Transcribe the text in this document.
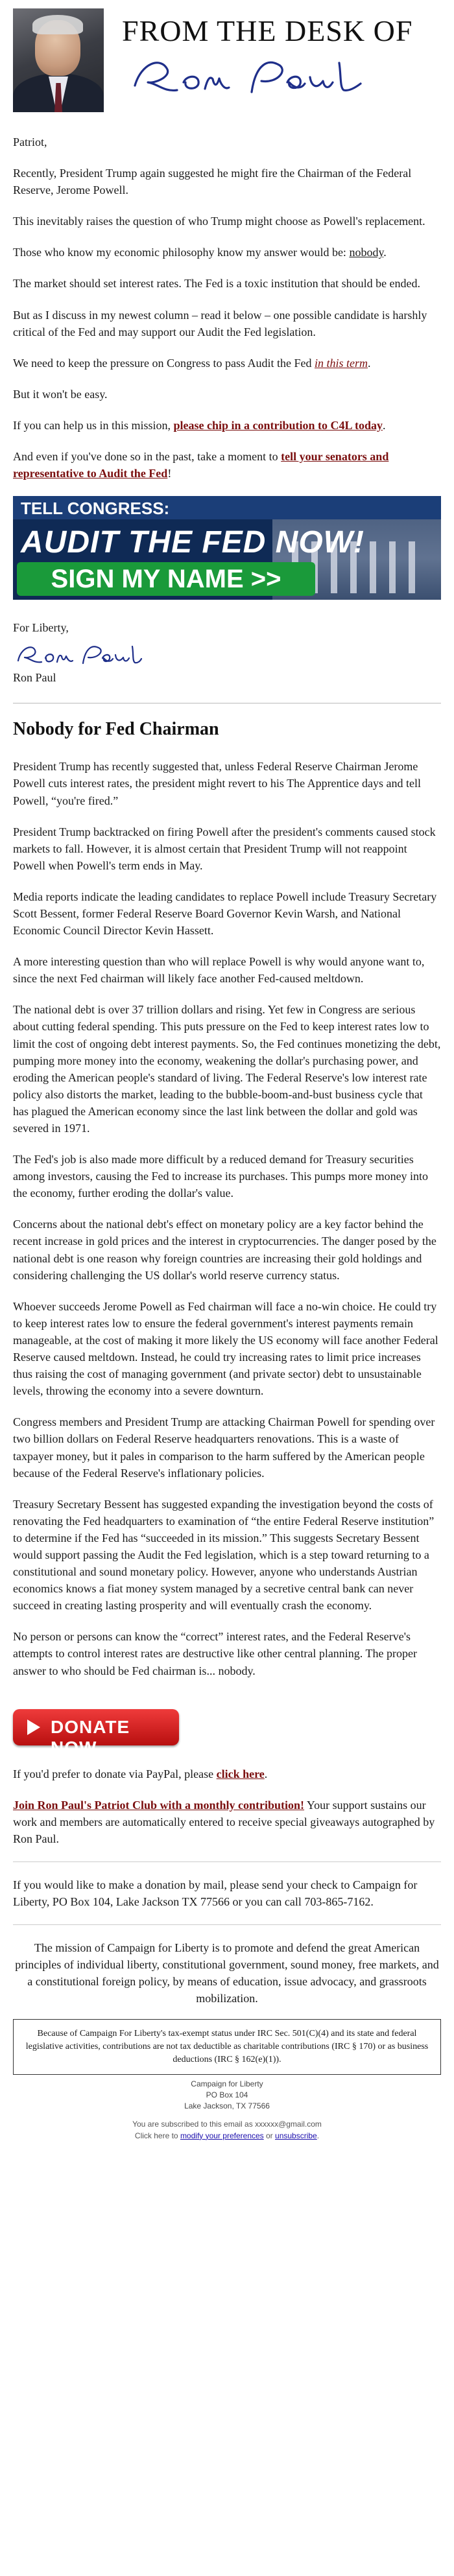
FROM THE DESK OF

Patriot,

Recently, President Trump again suggested he might fire the Chairman of the Federal Reserve, Jerome Powell.

This inevitably raises the question of who Trump might choose as Powell's replacement.

Those who know my economic philosophy know my answer would be: nobody.

The market should set interest rates. The Fed is a toxic institution that should be ended.

But as I discuss in my newest column – read it below – one possible candidate is harshly critical of the Fed and may support our Audit the Fed legislation.

We need to keep the pressure on Congress to pass Audit the Fed in this term.

But it won't be easy.

If you can help us in this mission, please chip in a contribution to C4L today.

And even if you've done so in the past, take a moment to tell your senators and representative to Audit the Fed!

TELL CONGRESS:
AUDIT THE FED NOW!
SIGN MY NAME >>
For Liberty,
Ron Paul
Nobody for Fed Chairman

President Trump has recently suggested that, unless Federal Reserve Chairman Jerome Powell cuts interest rates, the president might revert to his The Apprentice days and tell Powell, “you're fired.”

President Trump backtracked on firing Powell after the president's comments caused stock markets to fall. However, it is almost certain that President Trump will not reappoint Powell when Powell's term ends in May.

Media reports indicate the leading candidates to replace Powell include Treasury Secretary Scott Bessent, former Federal Reserve Board Governor Kevin Warsh, and National Economic Council Director Kevin Hassett.

A more interesting question than who will replace Powell is why would anyone want to, since the next Fed chairman will likely face another Fed-caused meltdown.

The national debt is over 37 trillion dollars and rising. Yet few in Congress are serious about cutting federal spending. This puts pressure on the Fed to keep interest rates low to limit the cost of ongoing debt interest payments. So, the Fed continues monetizing the debt, pumping more money into the economy, weakening the dollar's purchasing power, and eroding the American people's standard of living. The Federal Reserve's low interest rate policy also distorts the market, leading to the bubble-boom-and-bust business cycle that has plagued the American economy since the last link between the dollar and gold was severed in 1971.

The Fed's job is also made more difficult by a reduced demand for Treasury securities among investors, causing the Fed to increase its purchases. This pumps more money into the economy, further eroding the dollar's value.

Concerns about the national debt's effect on monetary policy are a key factor behind the recent increase in gold prices and the interest in cryptocurrencies. The danger posed by the national debt is one reason why foreign countries are increasing their gold holdings and considering challenging the US dollar's world reserve currency status.

Whoever succeeds Jerome Powell as Fed chairman will face a no-win choice. He could try to keep interest rates low to ensure the federal government's interest payments remain manageable, at the cost of making it more likely the US economy will face another Federal Reserve caused meltdown. Instead, he could try increasing rates to limit price increases thus raising the cost of managing government (and private sector) debt to unsustainable levels, throwing the economy into a severe downturn.

Congress members and President Trump are attacking Chairman Powell for spending over two billion dollars on Federal Reserve headquarters renovations. This is a waste of taxpayer money, but it pales in comparison to the harm suffered by the American people because of the Federal Reserve's inflationary policies.

Treasury Secretary Bessent has suggested expanding the investigation beyond the costs of renovating the Fed headquarters to examination of “the entire Federal Reserve institution” to determine if the Fed has “succeeded in its mission.” This suggests Secretary Bessent would support passing the Audit the Fed legislation, which is a step toward returning to a constitutional and sound monetary policy. However, anyone who understands Austrian economics knows a fiat money system managed by a secretive central bank can never succeed in creating lasting prosperity and will eventually crash the economy.

No person or persons can know the “correct” interest rates, and the Federal Reserve's attempts to control interest rates are destructive like other central planning. The proper answer to who should be Fed chairman is... nobody.

DONATE NOW

If you'd prefer to donate via PayPal, please click here.

Join Ron Paul's Patriot Club with a monthly contribution! Your support sustains our work and members are automatically entered to receive special giveaways autographed by Ron Paul.

If you would like to make a donation by mail, please send your check to Campaign for Liberty, PO Box 104, Lake Jackson TX 77566 or you can call 703-865-7162.

The mission of Campaign for Liberty is to promote and defend the great American principles of individual liberty, constitutional government, sound money, free markets, and a constitutional foreign policy, by means of education, issue advocacy, and grassroots mobilization.
Because of Campaign For Liberty's tax-exempt status under IRC Sec. 501(C)(4) and its state and federal legislative activities, contributions are not tax deductible as charitable contributions (IRC § 170) or as business deductions (IRC § 162(e)(1)).
Campaign for Liberty
PO Box 104
Lake Jackson, TX 77566
You are subscribed to this email as xxxxxx@gmail.com
Click here to modify your preferences or unsubscribe.
